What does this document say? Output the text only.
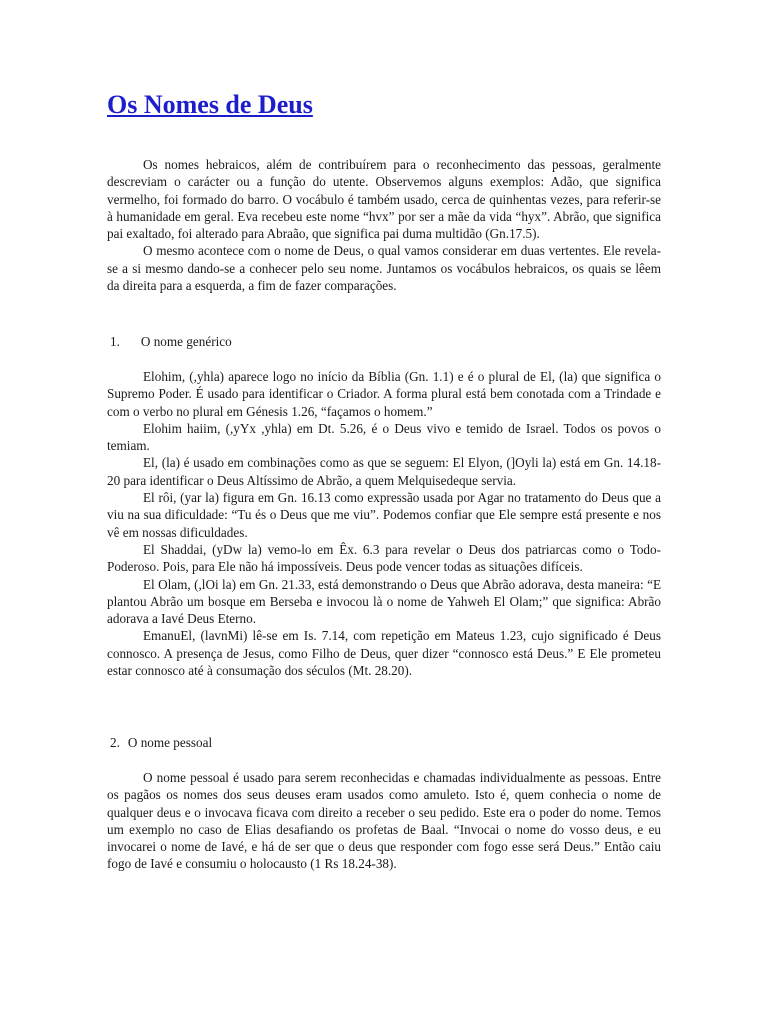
Os Nomes de Deus

Os nomes hebraicos, além de contribuírem para o reconhecimento das pessoas, geralmente descreviam o carácter ou a função do utente. Observemos alguns exemplos: Adão, que significa vermelho, foi formado do barro. O vocábulo é também usado, cerca de quinhentas vezes, para referir-se à humanidade em geral. Eva recebeu este nome “hvx” por ser a mãe da vida “hyx”. Abrão, que significa pai exaltado, foi alterado para Abraão, que significa pai duma multidão (Gn.17.5).

O mesmo acontece com o nome de Deus, o qual vamos considerar em duas vertentes. Ele revela-se a si mesmo dando-se a conhecer pelo seu nome. Juntamos os vocábulos hebraicos, os quais se lêem da direita para a esquerda, a fim de fazer comparações.

1. O nome genérico

Elohim, (,yhla) aparece logo no início da Bíblia (Gn. 1.1) e é o plural de El, (la) que significa o Supremo Poder. É usado para identificar o Criador. A forma plural está bem conotada com a Trindade e com o verbo no plural em Génesis 1.26, “façamos o homem.”

Elohim haiim, (,yYx ,yhla) em Dt. 5.26, é o Deus vivo e temido de Israel. Todos os povos o temiam.

El, (la) é usado em combinações como as que se seguem: El Elyon, (]Oyli la) está em Gn. 14.18-20 para identificar o Deus Altíssimo de Abrão, a quem Melquisedeque servia.

El rôi, (yar la) figura em Gn. 16.13 como expressão usada por Agar no tratamento do Deus que a viu na sua dificuldade: “Tu és o Deus que me viu”. Podemos confiar que Ele sempre está presente e nos vê em nossas dificuldades.

El Shaddai, (yDw la) vemo-lo em Êx. 6.3 para revelar o Deus dos patriarcas como o Todo-Poderoso. Pois, para Ele não há impossíveis. Deus pode vencer todas as situações difíceis.

El Olam, (,lOi la) em Gn. 21.33, está demonstrando o Deus que Abrão adorava, desta maneira: “E plantou Abrão um bosque em Berseba e invocou là o nome de Yahweh El Olam;” que significa: Abrão adorava a Iavé Deus Eterno.

EmanuEl, (lavnMi) lê-se em Is. 7.14, com repetição em Mateus 1.23, cujo significado é Deus connosco. A presença de Jesus, como Filho de Deus, quer dizer “connosco está Deus.” E Ele prometeu estar connosco até à consumação dos séculos (Mt. 28.20).

2. O nome pessoal

O nome pessoal é usado para serem reconhecidas e chamadas individualmente as pessoas. Entre os pagãos os nomes dos seus deuses eram usados como amuleto. Isto é, quem conhecia o nome de qualquer deus e o invocava ficava com direito a receber o seu pedido. Este era o poder do nome. Temos um exemplo no caso de Elias desafiando os profetas de Baal. “Invocai o nome do vosso deus, e eu invocarei o nome de Iavé, e há de ser que o deus que responder com fogo esse será Deus.” Então caiu fogo de Iavé e consumiu o holocausto (1 Rs 18.24-38).
